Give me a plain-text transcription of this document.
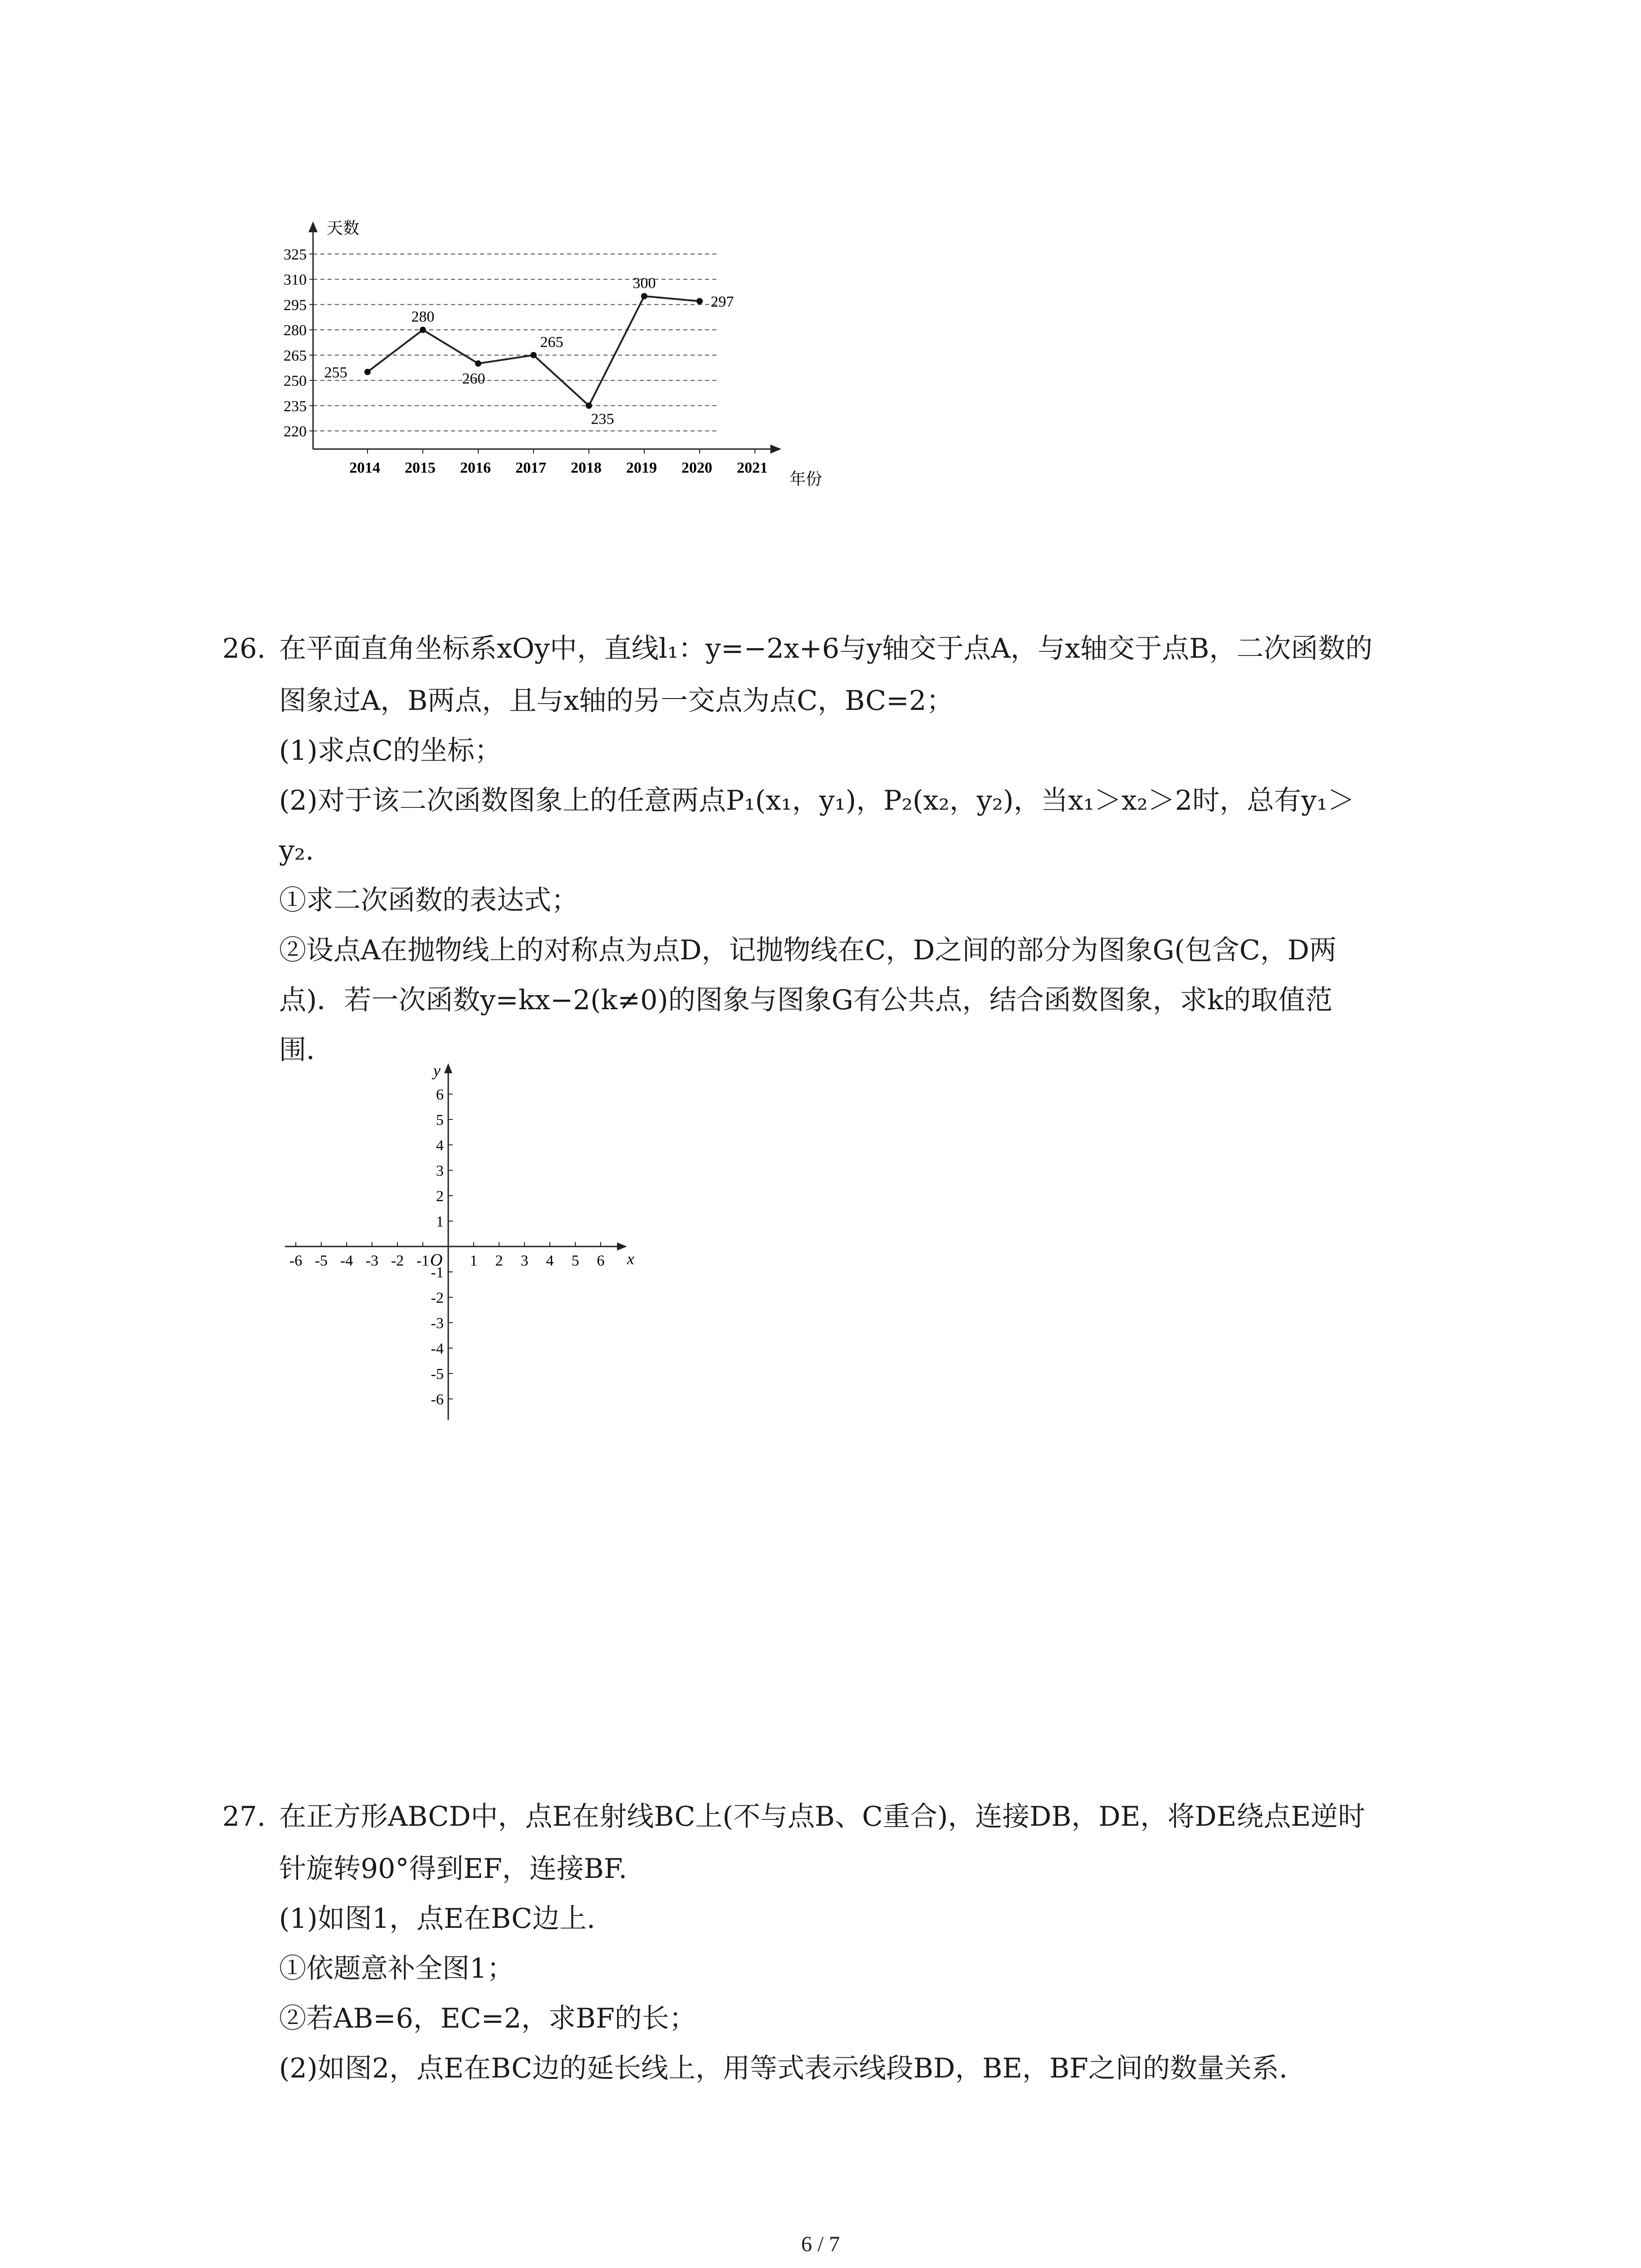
220
235
250
265
280
295
310
325
2014 2015 2016 2017 2018 2019 2020 2021
255
280
260
265
235
300
297
天数
年份
26. 在平面直角坐标系xOy中，直线l₁：y=−2x+6与y轴交于点A，与x轴交于点B，二次函数的
图象过A，B两点，且与x轴的另一交点为点C，BC=2；
(1)求点C的坐标；
(2)对于该二次函数图象上的任意两点P₁(x₁，y₁)，P₂(x₂，y₂)，当x₁＞x₂＞2时，总有y₁＞
y₂.
①求二次函数的表达式；
②设点A在抛物线上的对称点为点D，记抛物线在C，D之间的部分为图象G(包含C，D两
点)．若一次函数y=kx−2(k≠0)的图象与图象G有公共点，结合函数图象，求k的取值范
围．
-6 -5 -4 -3 -2 -1	1 2 3 4 5 6
6
5
4
3
2
1
-1
-2
-3
-4
-5
-6
x
y
O
27. 在正方形ABCD中，点E在射线BC上(不与点B、C重合)，连接DB，DE，将DE绕点E逆时
针旋转90°得到EF，连接BF.
(1)如图1，点E在BC边上.
①依题意补全图1；
②若AB=6，EC=2，求BF的长；
(2)如图2，点E在BC边的延长线上，用等式表示线段BD，BE，BF之间的数量关系.
6 / 7
